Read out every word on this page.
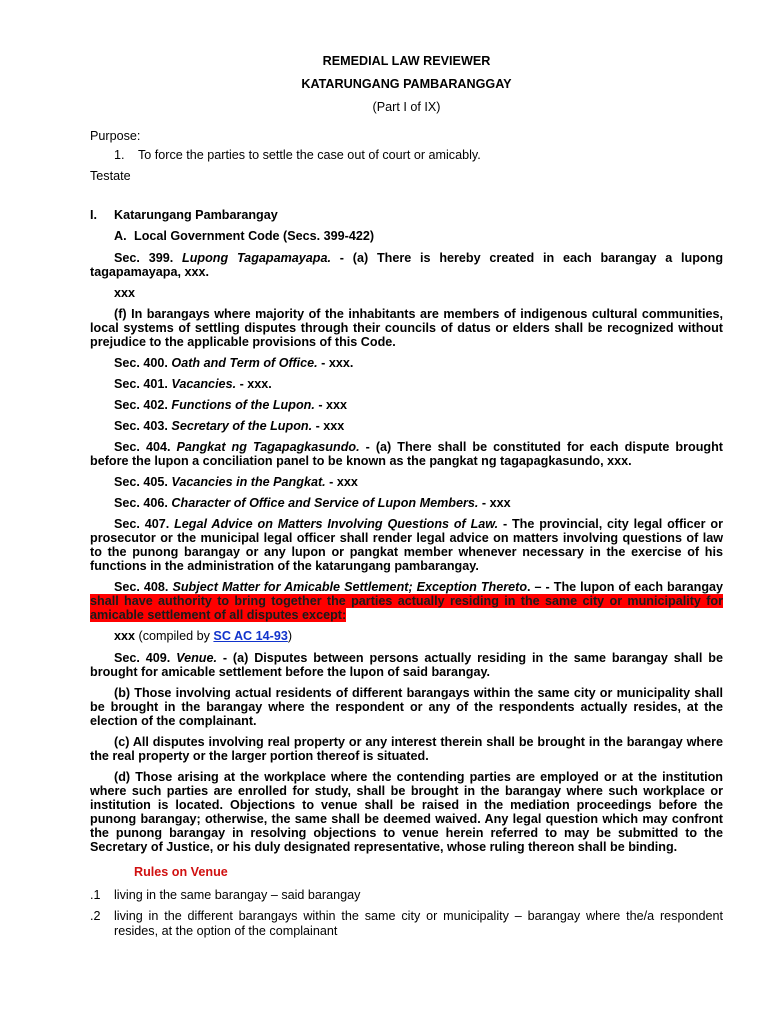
REMEDIAL LAW REVIEWER
KATARUNGANG PAMBARANGGAY
(Part I of IX)

Purpose:

1.	To force the parties to settle the case out of court or amicably.

Testate

I.	Katarungang Pambarangay
A. Local Government Code (Secs. 399-422)

Sec. 399. Lupong Tagapamayapa. - (a) There is hereby created in each barangay a lupong tagapamayapa, xxx.

xxx

(f) In barangays where majority of the inhabitants are members of indigenous cultural communities, local systems of settling disputes through their councils of datus or elders shall be recognized without prejudice to the applicable provisions of this Code.

Sec. 400. Oath and Term of Office. - xxx.

Sec. 401. Vacancies. - xxx.

Sec. 402. Functions of the Lupon. - xxx

Sec. 403. Secretary of the Lupon. - xxx

Sec. 404. Pangkat ng Tagapagkasundo. - (a) There shall be constituted for each dispute brought before the lupon a conciliation panel to be known as the pangkat ng tagapagkasundo, xxx.

Sec. 405. Vacancies in the Pangkat. - xxx

Sec. 406. Character of Office and Service of Lupon Members. - xxx

Sec. 407. Legal Advice on Matters Involving Questions of Law. - The provincial, city legal officer or prosecutor or the municipal legal officer shall render legal advice on matters involving questions of law to the punong barangay or any lupon or pangkat member whenever necessary in the exercise of his functions in the administration of the katarungang pambarangay.

Sec. 408. Subject Matter for Amicable Settlement; Exception Thereto. – - The lupon of each barangay shall have authority to bring together the parties actually residing in the same city or municipality for amicable settlement of all disputes except:

xxx (compiled by SC AC 14-93)

Sec. 409. Venue. - (a) Disputes between persons actually residing in the same barangay shall be brought for amicable settlement before the lupon of said barangay.

(b) Those involving actual residents of different barangays within the same city or municipality shall be brought in the barangay where the respondent or any of the respondents actually resides, at the election of the complainant.

(c) All disputes involving real property or any interest therein shall be brought in the barangay where the real property or the larger portion thereof is situated.

(d) Those arising at the workplace where the contending parties are employed or at the institution where such parties are enrolled for study, shall be brought in the barangay where such workplace or institution is located. Objections to venue shall be raised in the mediation proceedings before the punong barangay; otherwise, the same shall be deemed waived. Any legal question which may confront the punong barangay in resolving objections to venue herein referred to may be submitted to the Secretary of Justice, or his duly designated representative, whose ruling thereon shall be binding.

Rules on Venue

.1	living in the same barangay – said barangay
.2	living in the different barangays within the same city or municipality – barangay where the/a respondent resides, at the option of the complainant
